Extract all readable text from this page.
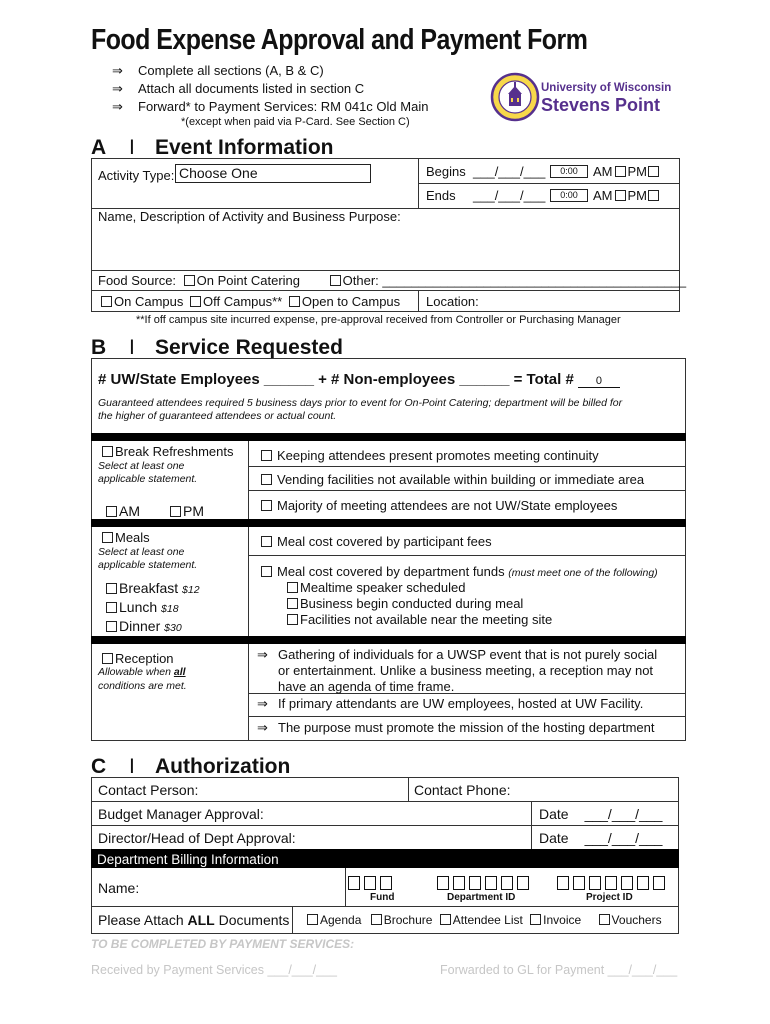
Food Expense Approval and Payment Form
⇒ Complete all sections (A, B & C)
⇒ Attach all documents listed in section C
⇒ Forward* to Payment Services: RM 041c Old Main
*(except when paid via P-Card. See Section C)
University of Wisconsin
Stevens Point
A I Event Information
Activity Type: Choose One	Begins ___/___/___	0:00	AM PM
Ends ___/___/___	0:00	AM PM
Name, Description of Activity and Business Purpose:
Food Source: On Point Catering	Other: __________________________________________
On Campus Off Campus** Open to Campus Location:
**If off campus site incurred expense, pre-approval received from Controller or Purchasing Manager
B I Service Requested
# UW/State Employees ______ + # Non-employees ______ = Total # 0
Guaranteed attendees required 5 business days prior to event for On-Point Catering; department will be billed for
the higher of guaranteed attendees or actual count.
Break Refreshments
Select at least one
applicable statement.
AM	PM
Keeping attendees present promotes meeting continuity
Vending facilities not available within building or immediate area
Majority of meeting attendees are not UW/State employees
Meals
Select at least one
applicable statement.
Breakfast $12
Lunch $18
Dinner $30
Meal cost covered by participant fees
Meal cost covered by department funds (must meet one of the following)
Mealtime speaker scheduled
Business begin conducted during meal
Facilities not available near the meeting site
Reception
Allowable when all
conditions are met.
⇒ Gathering of individuals for a UWSP event that is not purely social
or entertainment. Unlike a business meeting, a reception may not
have an agenda of time frame.
⇒ If primary attendants are UW employees, hosted at UW Facility.
⇒ The purpose must promote the mission of the hosting department
C I Authorization
Contact Person:	Contact Phone:
Budget Manager Approval:	Date ___/___/___
Director/Head of Dept Approval:	Date ___/___/___
Department Billing Information
Name:
Fund	Department ID	Project ID
Please Attach ALL Documents	Agenda Brochure Attendee List Invoice	Vouchers
TO BE COMPLETED BY PAYMENT SERVICES:
Received by Payment Services ___/___/___	Forwarded to GL for Payment ___/___/___
